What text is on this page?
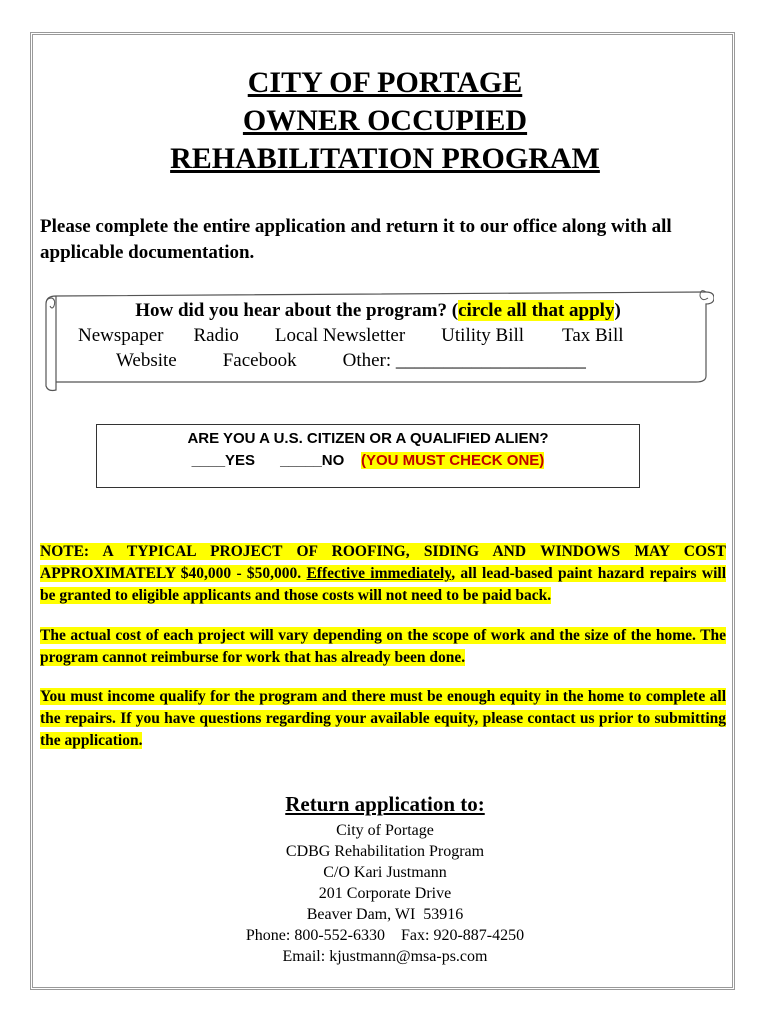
CITY OF PORTAGE
OWNER OCCUPIED
REHABILITATION PROGRAM
Please complete the entire application and return it to our office along with all applicable documentation.
How did you hear about the program? (circle all that apply)
Newspaper Radio Local Newsletter Utility Bill Tax Bill
Website Facebook Other: ____________________
ARE YOU A U.S. CITIZEN OR A QUALIFIED ALIEN?
____YES _____NO (YOU MUST CHECK ONE)
NOTE: A TYPICAL PROJECT OF ROOFING, SIDING AND WINDOWS MAY COST APPROXIMATELY $40,000 - $50,000. Effective immediately, all lead-based paint hazard repairs will be granted to eligible applicants and those costs will not need to be paid back.
The actual cost of each project will vary depending on the scope of work and the size of the home. The program cannot reimburse for work that has already been done.
You must income qualify for the program and there must be enough equity in the home to complete all the repairs. If you have questions regarding your available equity, please contact us prior to submitting the application.
Return application to:
City of Portage
CDBG Rehabilitation Program
C/O Kari Justmann
201 Corporate Drive
Beaver Dam, WI  53916
Phone: 800-552-6330    Fax: 920-887-4250
Email: kjustmann@msa-ps.com
